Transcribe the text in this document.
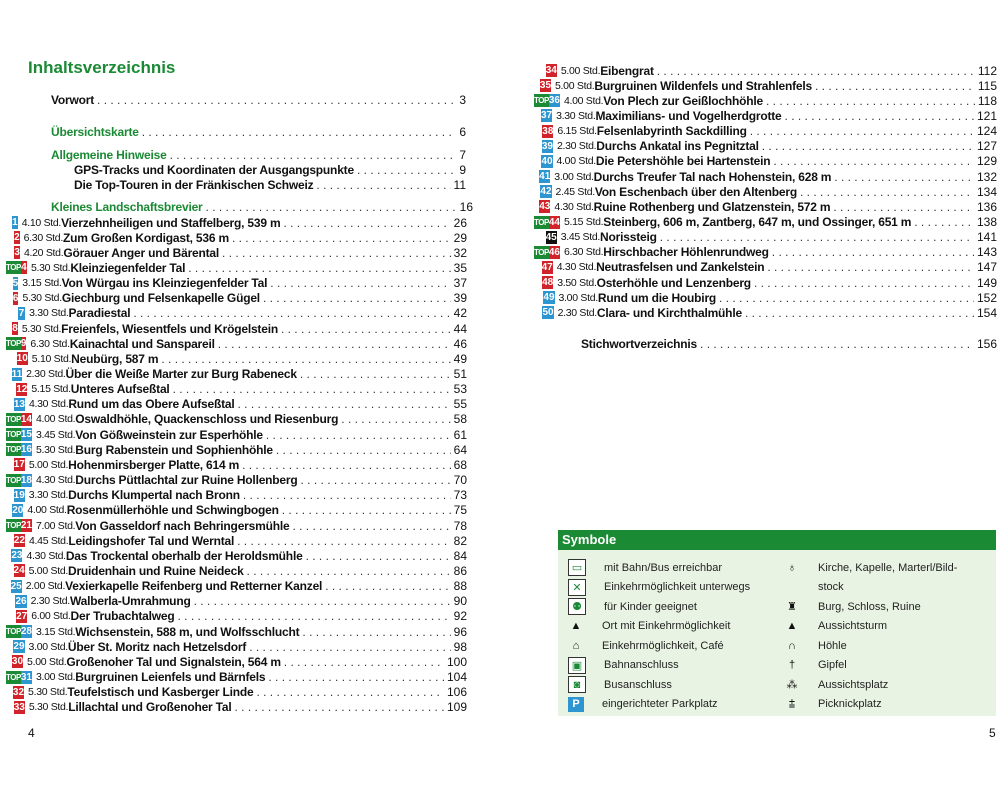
Inhaltsverzeichnis
Vorwort . . .	3
Übersichtskarte . . .	6
Allgemeine Hinweise . . .	7
GPS-Tracks und Koordinaten der Ausgangspunkte . . .	9
Die Top-Touren in der Fränkischen Schweiz . . .	11
Kleines Landschaftsbrevier . . .	16
1 4.10 Std. Vierzehnheiligen und Staffelberg, 539 m . . .	26
2 6.30 Std. Zum Großen Kordigast, 536 m . . .	29
3 4.20 Std. Görauer Anger und Bärental . . .	32
TOP 4 5.30 Std. Kleinziegenfelder Tal . . .	35
5 3.15 Std. Von Würgau ins Kleinziegenfelder Tal . . .	37
6 5.30 Std. Giechburg und Felsenkapelle Gügel . . .	39
7 3.30 Std. Paradiestal . . .	42
8 5.30 Std. Freienfels, Wiesentfels und Krögelstein . . .	44
TOP 9 6.30 Std. Kainachtal und Sanspareil . . .	46
10 5.10 Std. Neubürg, 587 m . . .	49
11 2.30 Std. Über die Weiße Marter zur Burg Rabeneck . . .	51
12 5.15 Std. Unteres Aufseßtal . . .	53
13 4.30 Std. Rund um das Obere Aufseßtal . . .	55
TOP 14 4.00 Std. Oswaldhöhle, Quackenschloss und Riesenburg . . .	58
TOP 15 3.45 Std. Von Gößweinstein zur Esperhöhle . . .	61
TOP 16 5.30 Std. Burg Rabenstein und Sophienhöhle . . .	64
17 5.00 Std. Hohenmirsberger Platte, 614 m . . .	68
TOP 18 4.30 Std. Durchs Püttlachtal zur Ruine Hollenberg . . .	70
19 3.30 Std. Durchs Klumpertal nach Bronn . . .	73
20 4.00 Std. Rosenmüllerhöhle und Schwingbogen . . .	75
TOP 21 7.00 Std. Von Gasseldorf nach Behringersmühle . . .	78
22 4.45 Std. Leidingshofer Tal und Werntal . . .	82
23 4.30 Std. Das Trockental oberhalb der Heroldsmühle . . .	84
24 5.00 Std. Druidenhain und Ruine Neideck . . .	86
25 2.00 Std. Vexierkapelle Reifenberg und Retterner Kanzel . . .	88
26 2.30 Std. Walberla-Umrahmung . . .	90
27 6.00 Std. Der Trubachtalweg . . .	92
TOP 28 3.15 Std. Wichsenstein, 588 m, und Wolfsschlucht . . .	96
29 3.00 Std. Über St. Moritz nach Hetzelsdorf . . .	98
30 5.00 Std. Großenoher Tal und Signalstein, 564 m . . .	100
TOP 31 3.00 Std. Burgruinen Leienfels und Bärnfels . . .	104
32 5.30 Std. Teufelstisch und Kasberger Linde . . .	106
33 5.30 Std. Lillachtal und Großenoher Tal . . .	109
4
34 5.00 Std. Eibengrat . . .	112
35 5.00 Std. Burgruinen Wildenfels und Strahlenfels . . .	115
TOP 36 4.00 Std. Von Plech zur Geißlochhöhle . . .	118
37 3.30 Std. Maximilians- und Vogelherdgrotte . . .	121
38 6.15 Std. Felsenlabyrinth Sackdilling . . .	124
39 2.30 Std. Durchs Ankatal ins Pegnitztal . . .	127
40 4.00 Std. Die Petershöhle bei Hartenstein . . .	129
41 3.00 Std. Durchs Treufer Tal nach Hohenstein, 628 m . . .	132
42 2.45 Std. Von Eschenbach über den Altenberg . . .	134
43 4.30 Std. Ruine Rothenberg und Glatzenstein, 572 m . . .	136
TOP 44 5.15 Std. Steinberg, 606 m, Zantberg, 647 m, und Ossinger, 651 m . . .	138
45 3.45 Std. Norissteig . . .	141
TOP 46 6.30 Std. Hirschbacher Höhlenrundweg . . .	143
47 4.30 Std. Neutrasfelsen und Zankelstein . . .	147
48 3.50 Std. Osterhöhle und Lenzenberg . . .	149
49 3.00 Std. Rund um die Houbirg . . .	152
50 2.30 Std. Clara- und Kirchthalmühle . . .	154
Stichwortverzeichnis . . .	156
Symbole
▭	mit Bahn/Bus erreichbar
✕	Einkehrmöglichkeit unterwegs
⚉	für Kinder geeignet
▲	Ort mit Einkehrmöglichkeit
⌂	Einkehrmöglichkeit, Café
▣	Bahnanschluss
◙	Busanschluss
P	eingerichteter Parkplatz
♁	Kirche, Kapelle, Marterl/Bild-
stock
♜	Burg, Schloss, Ruine
▲	Aussichtsturm
∩	Höhle
†	Gipfel
⁂	Aussichtsplatz
⩲	Picknickplatz
5
